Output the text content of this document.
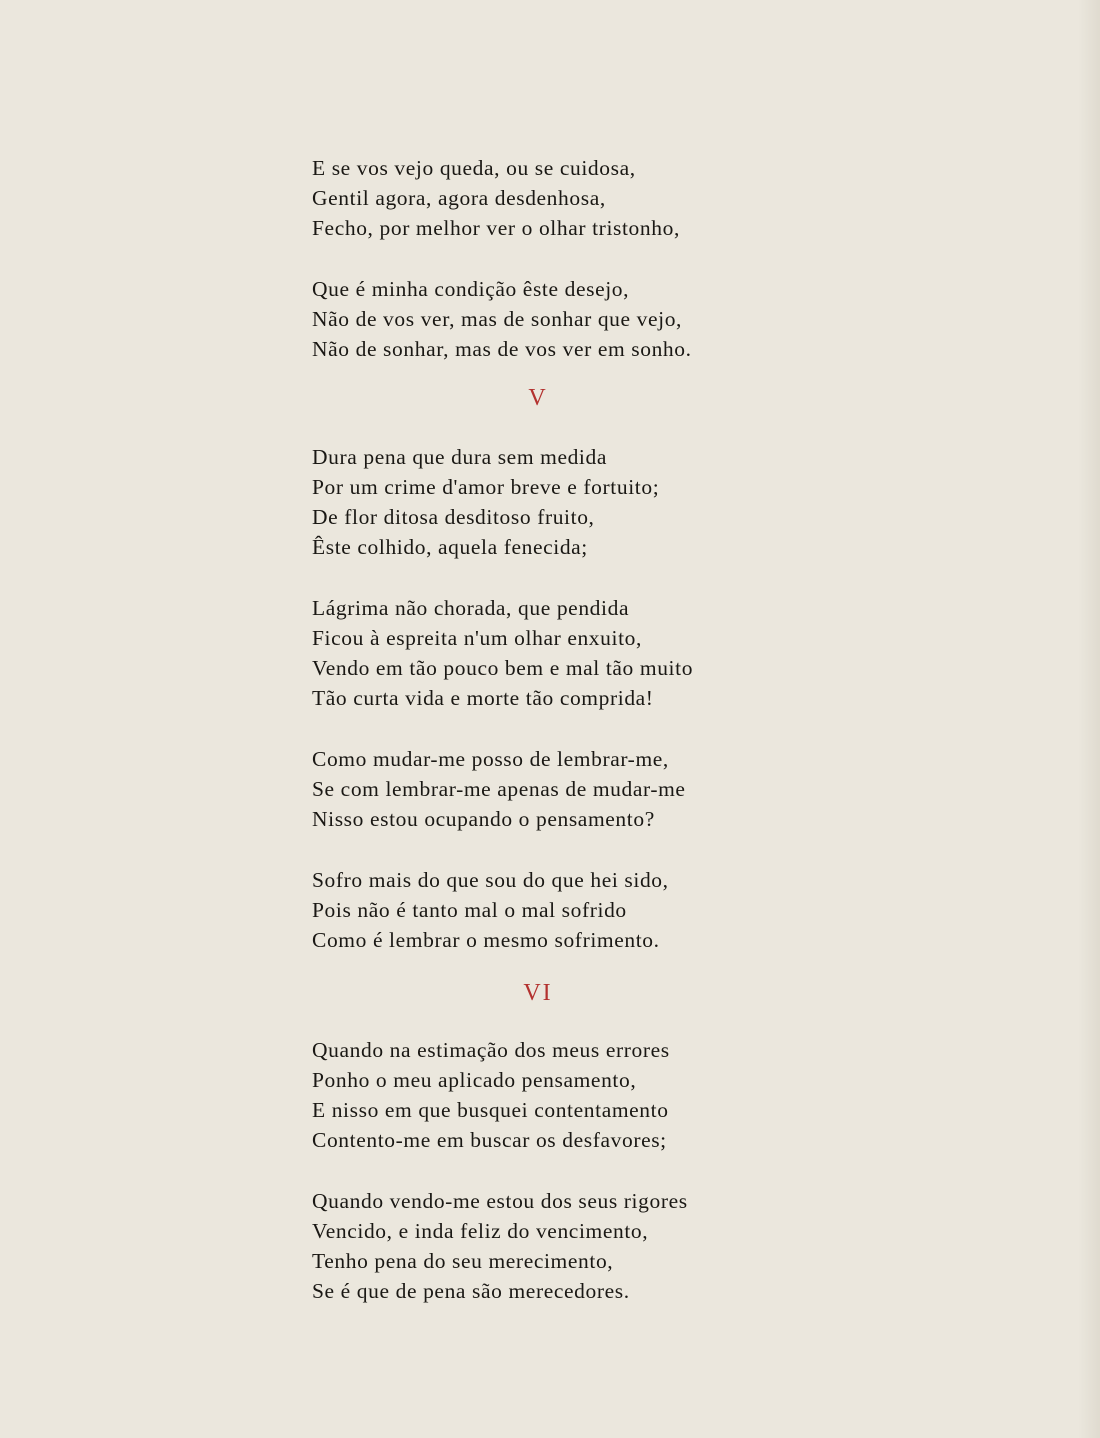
E se vos vejo queda, ou se cuidosa,
Gentil agora, agora desdenhosa,
Fecho, por melhor ver o olhar tristonho,
Que é minha condição êste desejo,
Não de vos ver, mas de sonhar que vejo,
Não de sonhar, mas de vos ver em sonho.
V
Dura pena que dura sem medida
Por um crime d'amor breve e fortuito;
De flor ditosa desditoso fruito,
Êste colhido, aquela fenecida;
Lágrima não chorada, que pendida
Ficou à espreita n'um olhar enxuito,
Vendo em tão pouco bem e mal tão muito
Tão curta vida e morte tão comprida!
Como mudar-me posso de lembrar-me,
Se com lembrar-me apenas de mudar-me
Nisso estou ocupando o pensamento?
Sofro mais do que sou do que hei sido,
Pois não é tanto mal o mal sofrido
Como é lembrar o mesmo sofrimento.
VI
Quando na estimação dos meus errores
Ponho o meu aplicado pensamento,
E nisso em que busquei contentamento
Contento-me em buscar os desfavores;
Quando vendo-me estou dos seus rigores
Vencido, e inda feliz do vencimento,
Tenho pena do seu merecimento,
Se é que de pena são merecedores.
